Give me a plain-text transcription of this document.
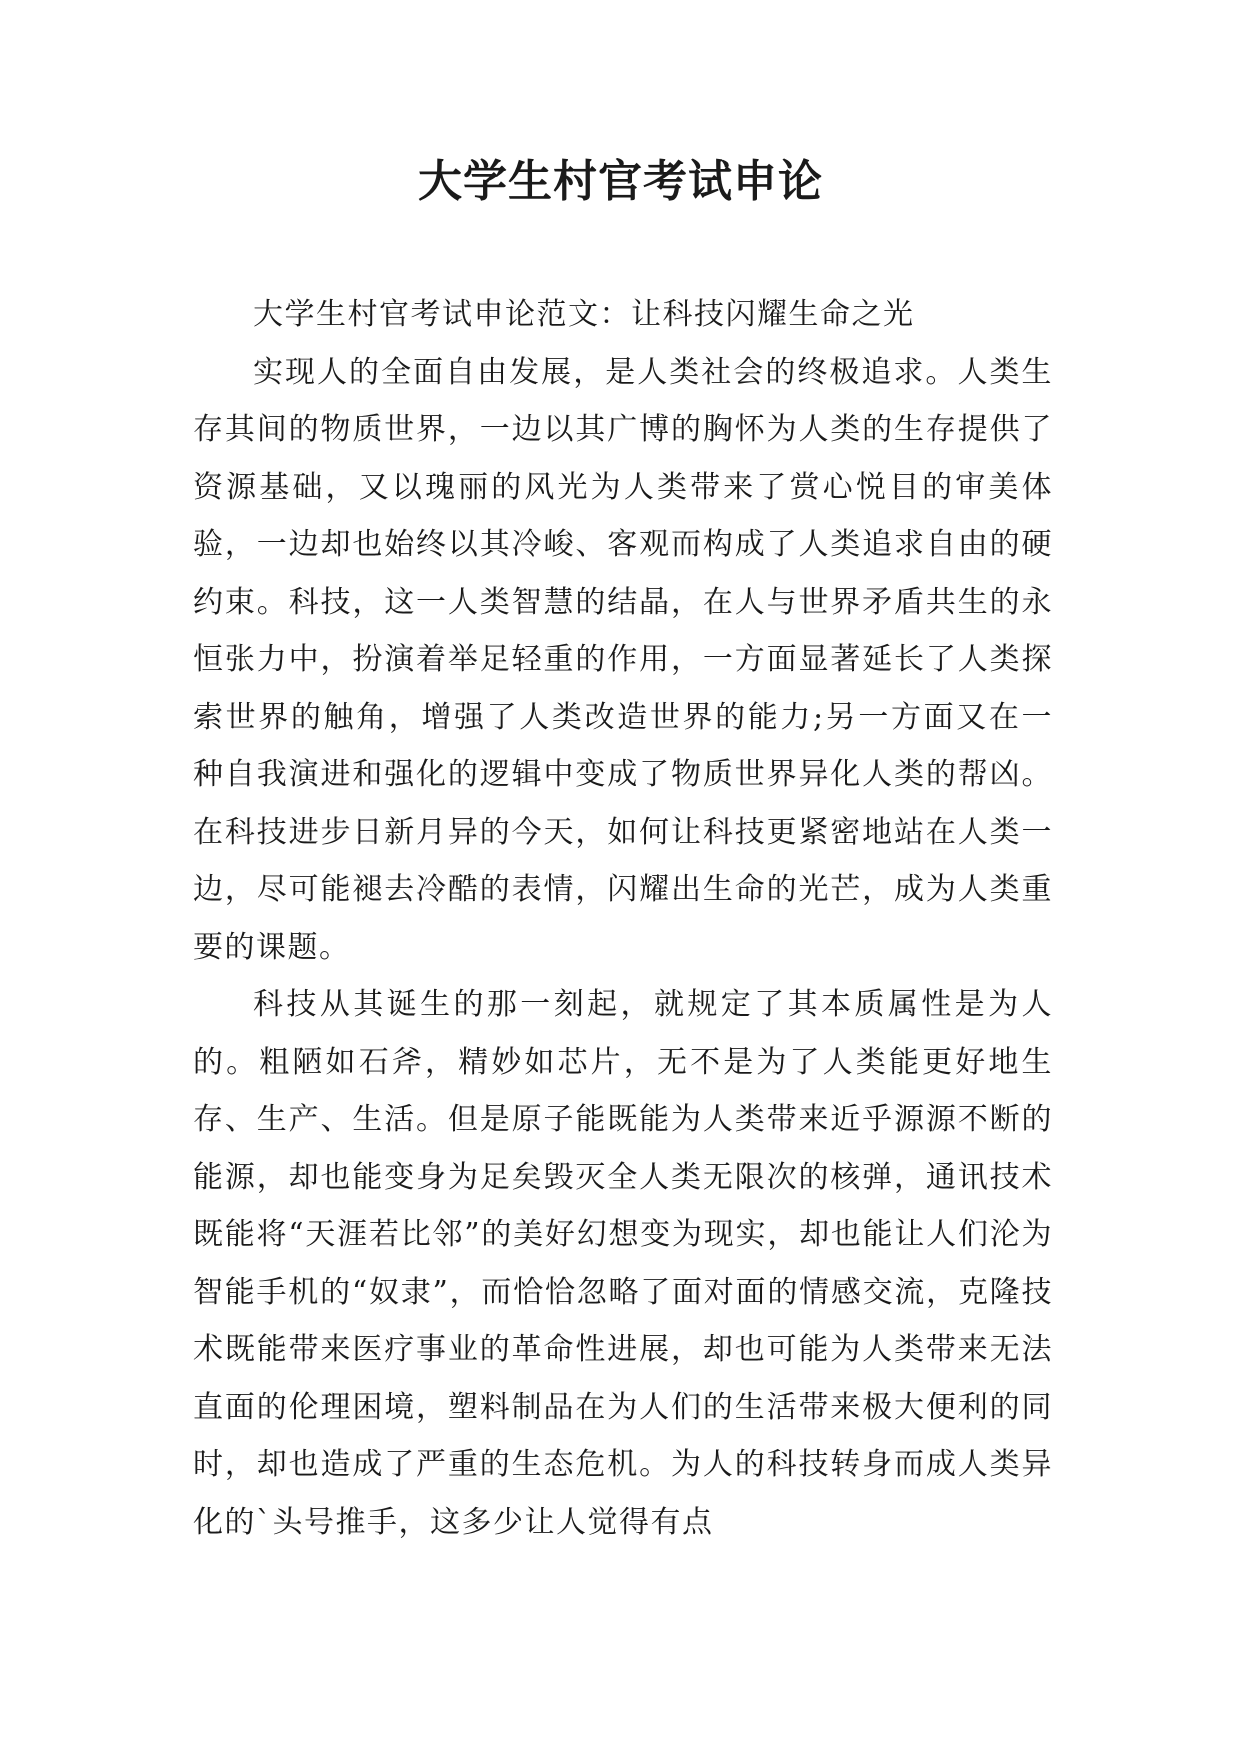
大学生村官考试申论

大学生村官考试申论范文：让科技闪耀生命之光

实现人的全面自由发展，是人类社会的终极追求。人类生存其间的物质世界，一边以其广博的胸怀为人类的生存提供了资源基础，又以瑰丽的风光为人类带来了赏心悦目的审美体验，一边却也始终以其冷峻、客观而构成了人类追求自由的硬约束。科技，这一人类智慧的结晶，在人与世界矛盾共生的永恒张力中，扮演着举足轻重的作用，一方面显著延长了人类探索世界的触角，增强了人类改造世界的能力;另一方面又在一种自我演进和强化的逻辑中变成了物质世界异化人类的帮凶。在科技进步日新月异的今天，如何让科技更紧密地站在人类一边，尽可能褪去冷酷的表情，闪耀出生命的光芒，成为人类重要的课题。

科技从其诞生的那一刻起，就规定了其本质属性是为人的。粗陋如石斧，精妙如芯片，无不是为了人类能更好地生存、生产、生活。但是原子能既能为人类带来近乎源源不断的能源，却也能变身为足矣毁灭全人类无限次的核弹，通讯技术既能将“天涯若比邻”的美好幻想变为现实，却也能让人们沦为智能手机的“奴隶”，而恰恰忽略了面对面的情感交流，克隆技术既能带来医疗事业的革命性进展，却也可能为人类带来无法直面的伦理困境，塑料制品在为人们的生活带来极大便利的同时，却也造成了严重的生态危机。为人的科技转身而成人类异化的`头号推手，这多少让人觉得有点
